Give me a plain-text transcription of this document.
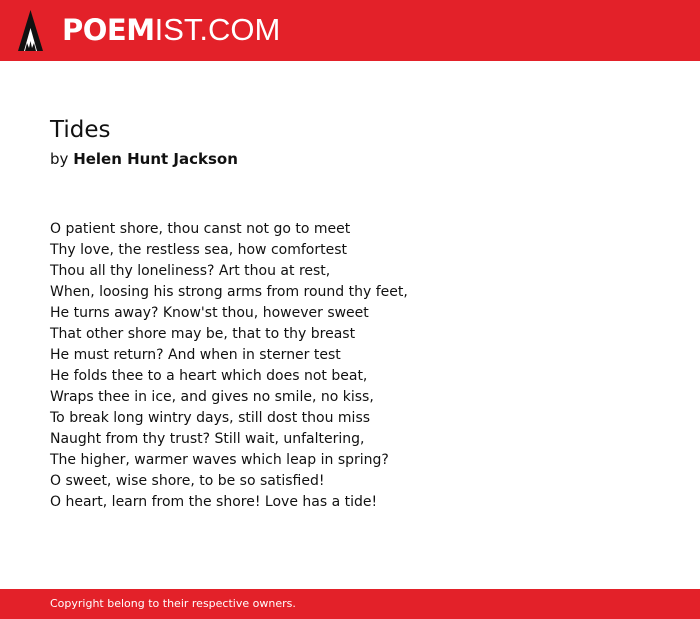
POEMIST.COM
Tides
by Helen Hunt Jackson
O patient shore, thou canst not go to meet
Thy love, the restless sea, how comfortest
Thou all thy loneliness? Art thou at rest,
When, loosing his strong arms from round thy feet,
He turns away? Know'st thou, however sweet
That other shore may be, that to thy breast
He must return? And when in sterner test
He folds thee to a heart which does not beat,
Wraps thee in ice, and gives no smile, no kiss,
To break long wintry days, still dost thou miss
Naught from thy trust? Still wait, unfaltering,
The higher, warmer waves which leap in spring?
O sweet, wise shore, to be so satisfied!
O heart, learn from the shore! Love has a tide!
Copyright belong to their respective owners.
